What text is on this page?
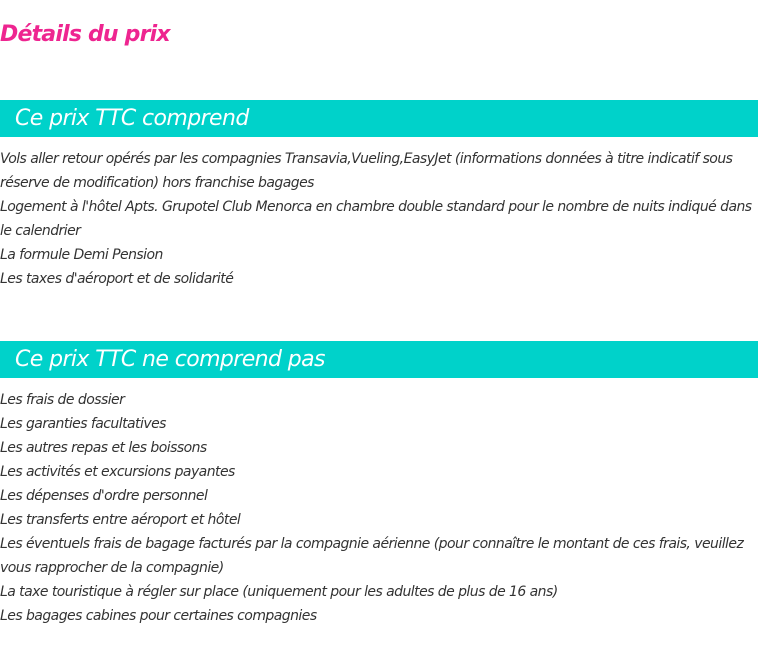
Détails du prix
Ce prix TTC comprend
Vols aller retour opérés par les compagnies Transavia,Vueling,EasyJet (informations données à titre indicatif sous réserve de modification) hors franchise bagages
Logement à l'hôtel Apts. Grupotel Club Menorca en chambre double standard pour le nombre de nuits indiqué dans le calendrier
La formule Demi Pension
Les taxes d'aéroport et de solidarité
Ce prix TTC ne comprend pas
Les frais de dossier
Les garanties facultatives
Les autres repas et les boissons
Les activités et excursions payantes
Les dépenses d'ordre personnel
Les transferts entre aéroport et hôtel
Les éventuels frais de bagage facturés par la compagnie aérienne (pour connaître le montant de ces frais, veuillez vous rapprocher de la compagnie)
La taxe touristique à régler sur place (uniquement pour les adultes de plus de 16 ans)
Les bagages cabines pour certaines compagnies
